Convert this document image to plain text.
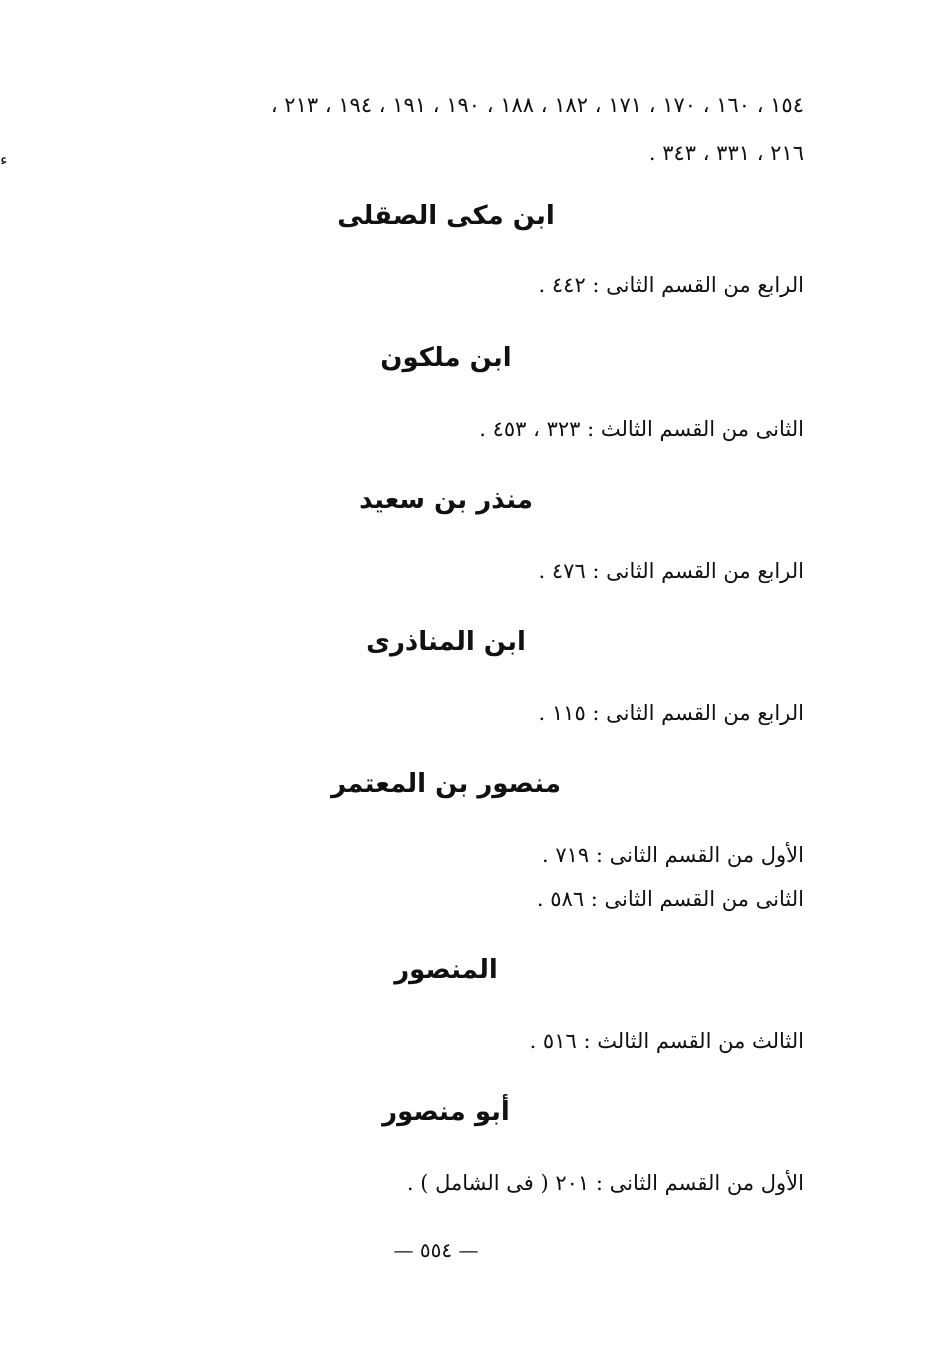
ء
١٥٤ ، ١٦٠ ، ١٧٠ ، ١٧١ ، ١٨٢ ، ١٨٨ ، ١٩٠ ، ١٩١ ، ١٩٤ ، ٢١٣ ،
٢١٦ ، ٣٣١ ، ٣٤٣ .
ابن مكى الصقلى
الرابع من القسم الثانى : ٤٤٢ .
ابن ملكون
الثانى من القسم الثالث : ٣٢٣ ، ٤٥٣ .
منذر بن سعيد
الرابع من القسم الثانى : ٤٧٦ .
ابن المناذرى
الرابع من القسم الثانى : ١١٥ .
منصور بن المعتمر
الأول من القسم الثانى : ٧١٩ .
الثانى من القسم الثانى : ٥٨٦ .
المنصور
الثالث من القسم الثالث : ٥١٦ .
أبو منصور
الأول من القسم الثانى : ٢٠١ ( فى الشامل ) .
— ٥٥٤ —
